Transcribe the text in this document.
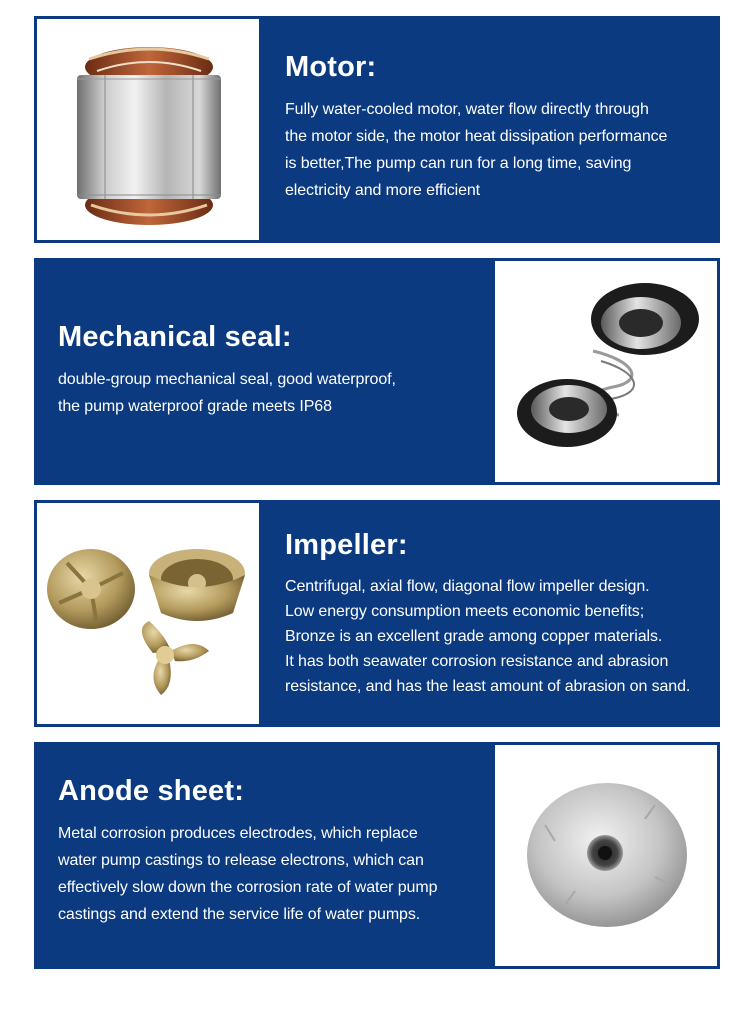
Motor:
Fully water-cooled motor, water flow directly through
the motor side, the motor heat dissipation performance
is better,The pump can run for a long time, saving
electricity and more efficient
Mechanical seal:
double-group mechanical seal, good waterproof,
the pump waterproof grade meets IP68
Impeller:
Centrifugal, axial flow, diagonal flow impeller design.
Low energy consumption meets economic benefits;
Bronze is an excellent grade among copper materials.
It has both seawater corrosion resistance and abrasion
resistance, and has the least amount of abrasion on sand.
Anode sheet:
Metal corrosion produces electrodes, which replace
water pump castings to release electrons, which can
effectively slow down the corrosion rate of water pump
castings and extend the service life of water pumps.
